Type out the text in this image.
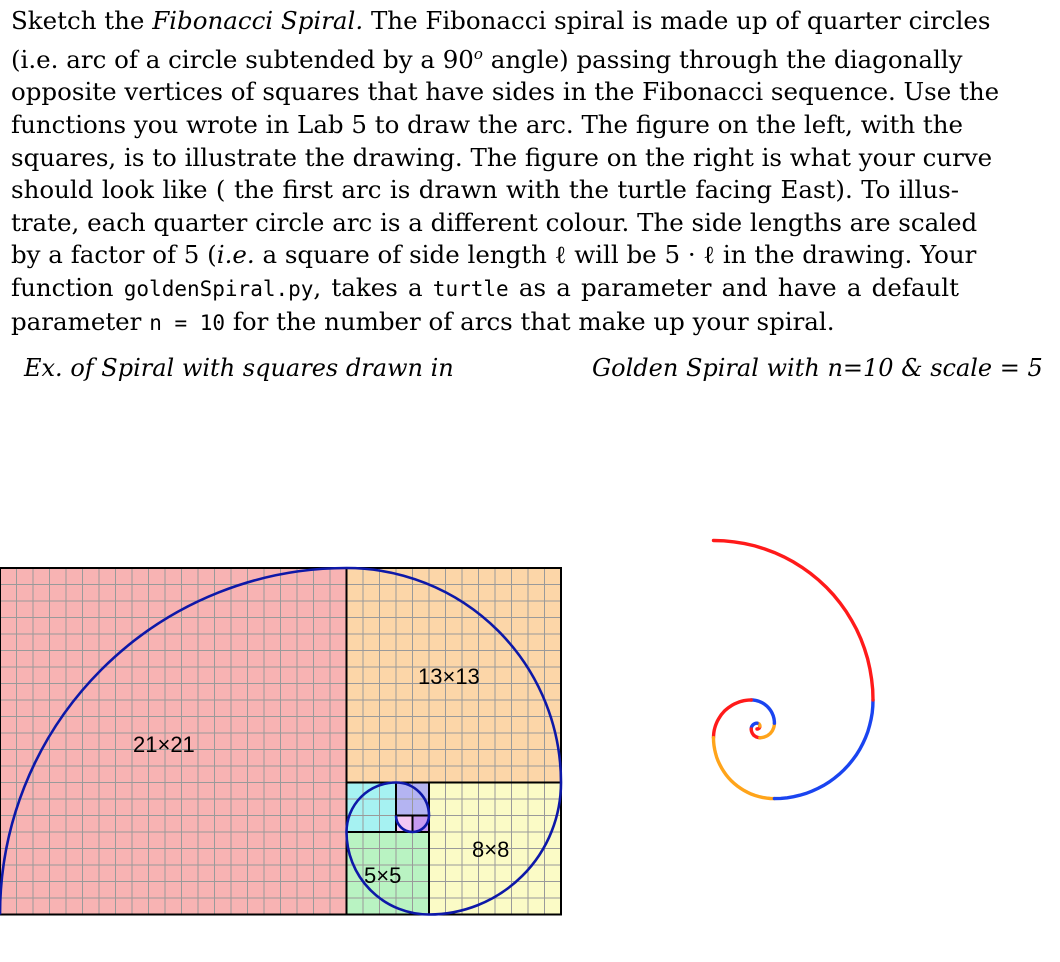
Sketch the Fibonacci Spiral. The Fibonacci spiral is made up of quarter circles
(i.e. arc of a circle subtended by a 90$^o$ angle) passing through the diagonally
opposite vertices of squares that have sides in the Fibonacci sequence. Use the
functions you wrote in Lab 5 to draw the arc. The figure on the left, with the
squares, is to illustrate the drawing. The figure on the right is what your curve
should look like ( the first arc is drawn with the turtle facing East). To illus-
trate, each quarter circle arc is a different colour. The side lengths are scaled
by a factor of 5 (i.e. a square of side length ℓ will be 5 · ℓ in the drawing. Your
function goldenSpiral.py, takes a turtle as a parameter and have a default
parameter n = 10 for the number of arcs that make up your spiral.
Ex. of Spiral with squares drawn in	Golden Spiral with n=10 & scale = 5
21×21
13×13
8×8
5×5
